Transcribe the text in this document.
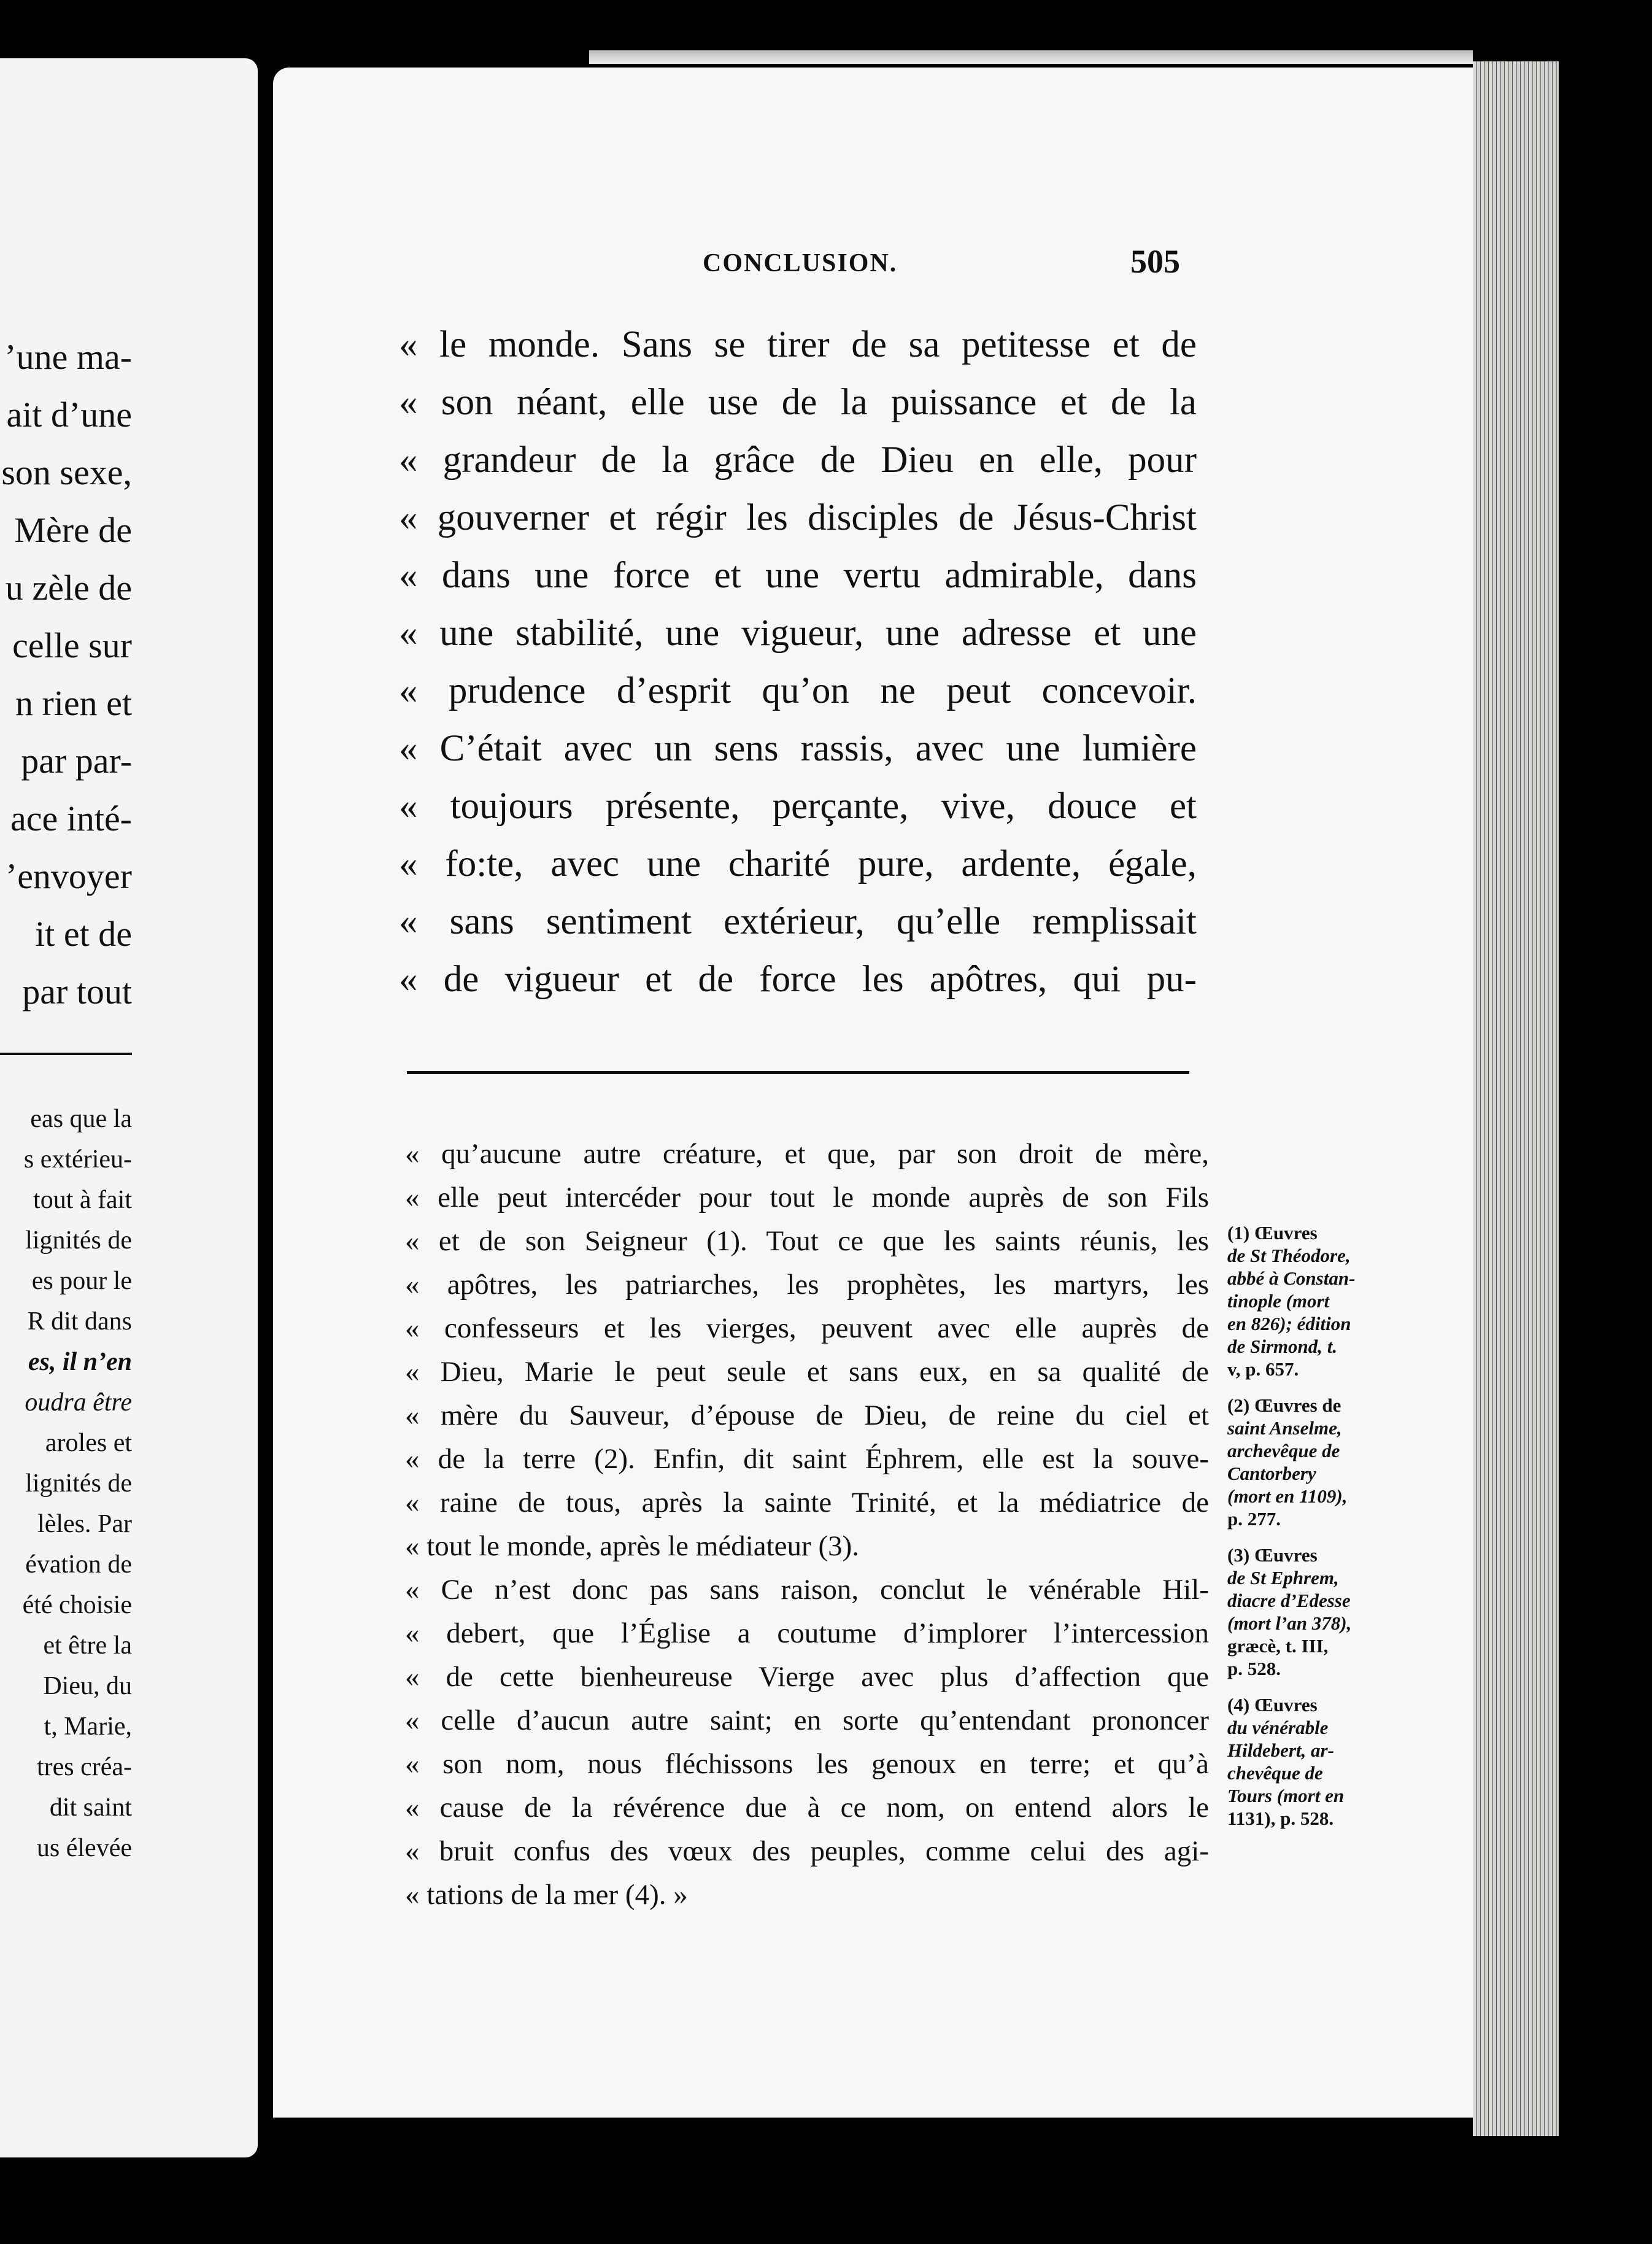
’une ma-
ait d’une
son sexe,
Mère de
u zèle de
celle sur
n rien et
par par-
ace inté-
’envoyer
it et de
par tout
eas que la
s extérieu-
tout à fait
lignités de
es pour le
R dit dans
es, il n’en
oudra être
aroles et
lignités de
lèles. Par
évation de
été choisie
et être la
Dieu, du
t, Marie,
tres créa-
dit saint
us élevée
CONCLUSION.	505
« le monde. Sans se tirer de sa petitesse et de
« son néant, elle use de la puissance et de la
« grandeur de la grâce de Dieu en elle, pour
« gouverner et régir les disciples de Jésus-Christ
« dans une force et une vertu admirable, dans
« une stabilité, une vigueur, une adresse et une
« prudence d’esprit qu’on ne peut concevoir.
« C’était avec un sens rassis, avec une lumière
« toujours présente, perçante, vive, douce et
« fo:te, avec une charité pure, ardente, égale,
« sans sentiment extérieur, qu’elle remplissait
« de vigueur et de force les apôtres, qui pu-
« qu’aucune autre créature, et que, par son droit de mère,
« elle peut intercéder pour tout le monde auprès de son Fils
« et de son Seigneur (1). Tout ce que les saints réunis, les
« apôtres, les patriarches, les prophètes, les martyrs, les
« confesseurs et les vierges, peuvent avec elle auprès de
« Dieu, Marie le peut seule et sans eux, en sa qualité de
« mère du Sauveur, d’épouse de Dieu, de reine du ciel et
« de la terre (2). Enfin, dit saint Éphrem, elle est la souve-
« raine de tous, après la sainte Trinité, et la médiatrice de
« tout le monde, après le médiateur (3).
« Ce n’est donc pas sans raison, conclut le vénérable Hil-
« debert, que l’Église a coutume d’implorer l’intercession
« de cette bienheureuse Vierge avec plus d’affection que
« celle d’aucun autre saint; en sorte qu’entendant prononcer
« son nom, nous fléchissons les genoux en terre; et qu’à
« cause de la révérence due à ce nom, on entend alors le
« bruit confus des vœux des peuples, comme celui des agi-
« tations de la mer (4). »
(1) Œuvres
de St Théodore,
abbé à Constan-
tinople (mort
en 826); édition
de Sirmond, t.
v, p. 657.
(2) Œuvres de
saint Anselme,
archevêque de
Cantorbery
(mort en 1109),
p. 277.
(3) Œuvres
de St Ephrem,
diacre d’Edesse
(mort l’an 378),
græcè, t. III,
p. 528.
(4) Œuvres
du vénérable
Hildebert, ar-
chevêque de
Tours (mort en
1131), p. 528.
